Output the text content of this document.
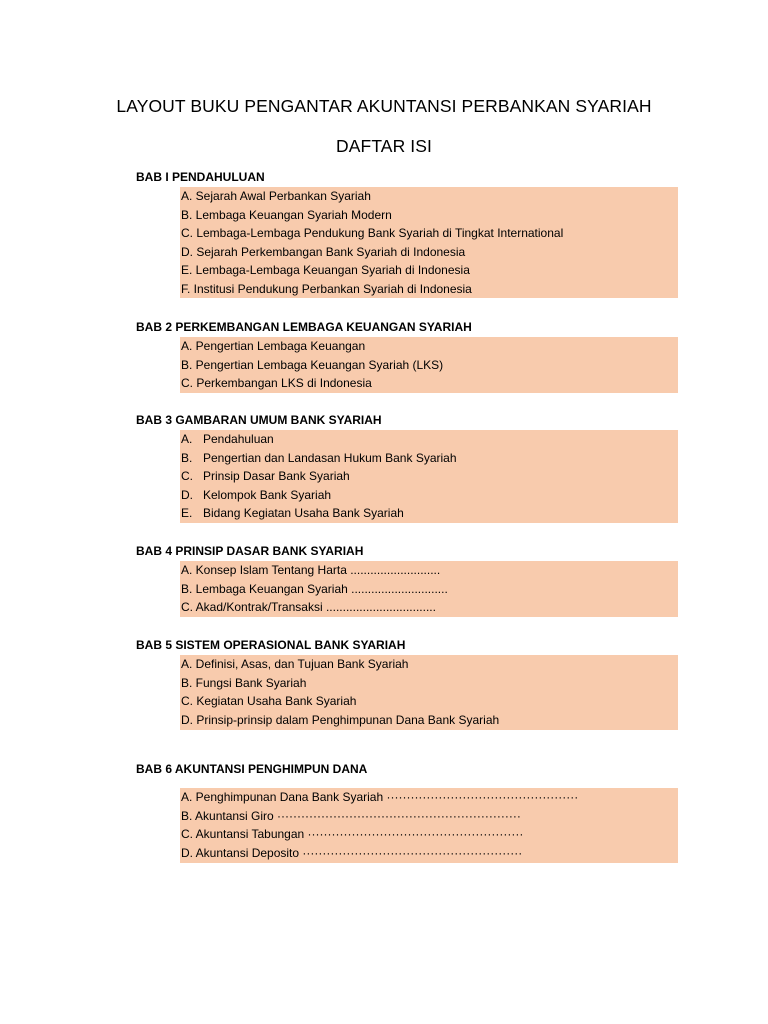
LAYOUT BUKU PENGANTAR AKUNTANSI PERBANKAN SYARIAH
DAFTAR ISI
BAB I PENDAHULUAN
A. Sejarah Awal Perbankan Syariah
B. Lembaga Keuangan Syariah Modern
C. Lembaga-Lembaga Pendukung Bank Syariah di Tingkat International
D. Sejarah Perkembangan Bank Syariah di Indonesia
E. Lembaga-Lembaga Keuangan Syariah di Indonesia
F. Institusi Pendukung Perbankan Syariah di Indonesia
BAB 2 PERKEMBANGAN LEMBAGA KEUANGAN SYARIAH
A. Pengertian Lembaga Keuangan
B. Pengertian Lembaga Keuangan Syariah (LKS)
C. Perkembangan LKS di Indonesia
BAB 3 GAMBARAN UMUM BANK SYARIAH
A. Pendahuluan
B. Pengertian dan Landasan Hukum Bank Syariah
C. Prinsip Dasar Bank Syariah
D. Kelompok Bank Syariah
E. Bidang Kegiatan Usaha Bank Syariah
BAB 4 PRINSIP DASAR BANK SYARIAH
A. Konsep Islam Tentang Harta ...........................
B. Lembaga Keuangan Syariah .............................
C. Akad/Kontrak/Transaksi .................................
BAB 5 SISTEM OPERASIONAL BANK SYARIAH
A. Definisi, Asas, dan Tujuan Bank Syariah
B. Fungsi Bank Syariah
C. Kegiatan Usaha Bank Syariah
D. Prinsip-prinsip dalam Penghimpunan Dana Bank Syariah
BAB 6 AKUNTANSI PENGHIMPUN DANA
A. Penghimpunan Dana Bank Syariah ················································
B. Akuntansi Giro ·····························································
C. Akuntansi Tabungan ······················································
D. Akuntansi Deposito ·······················································
